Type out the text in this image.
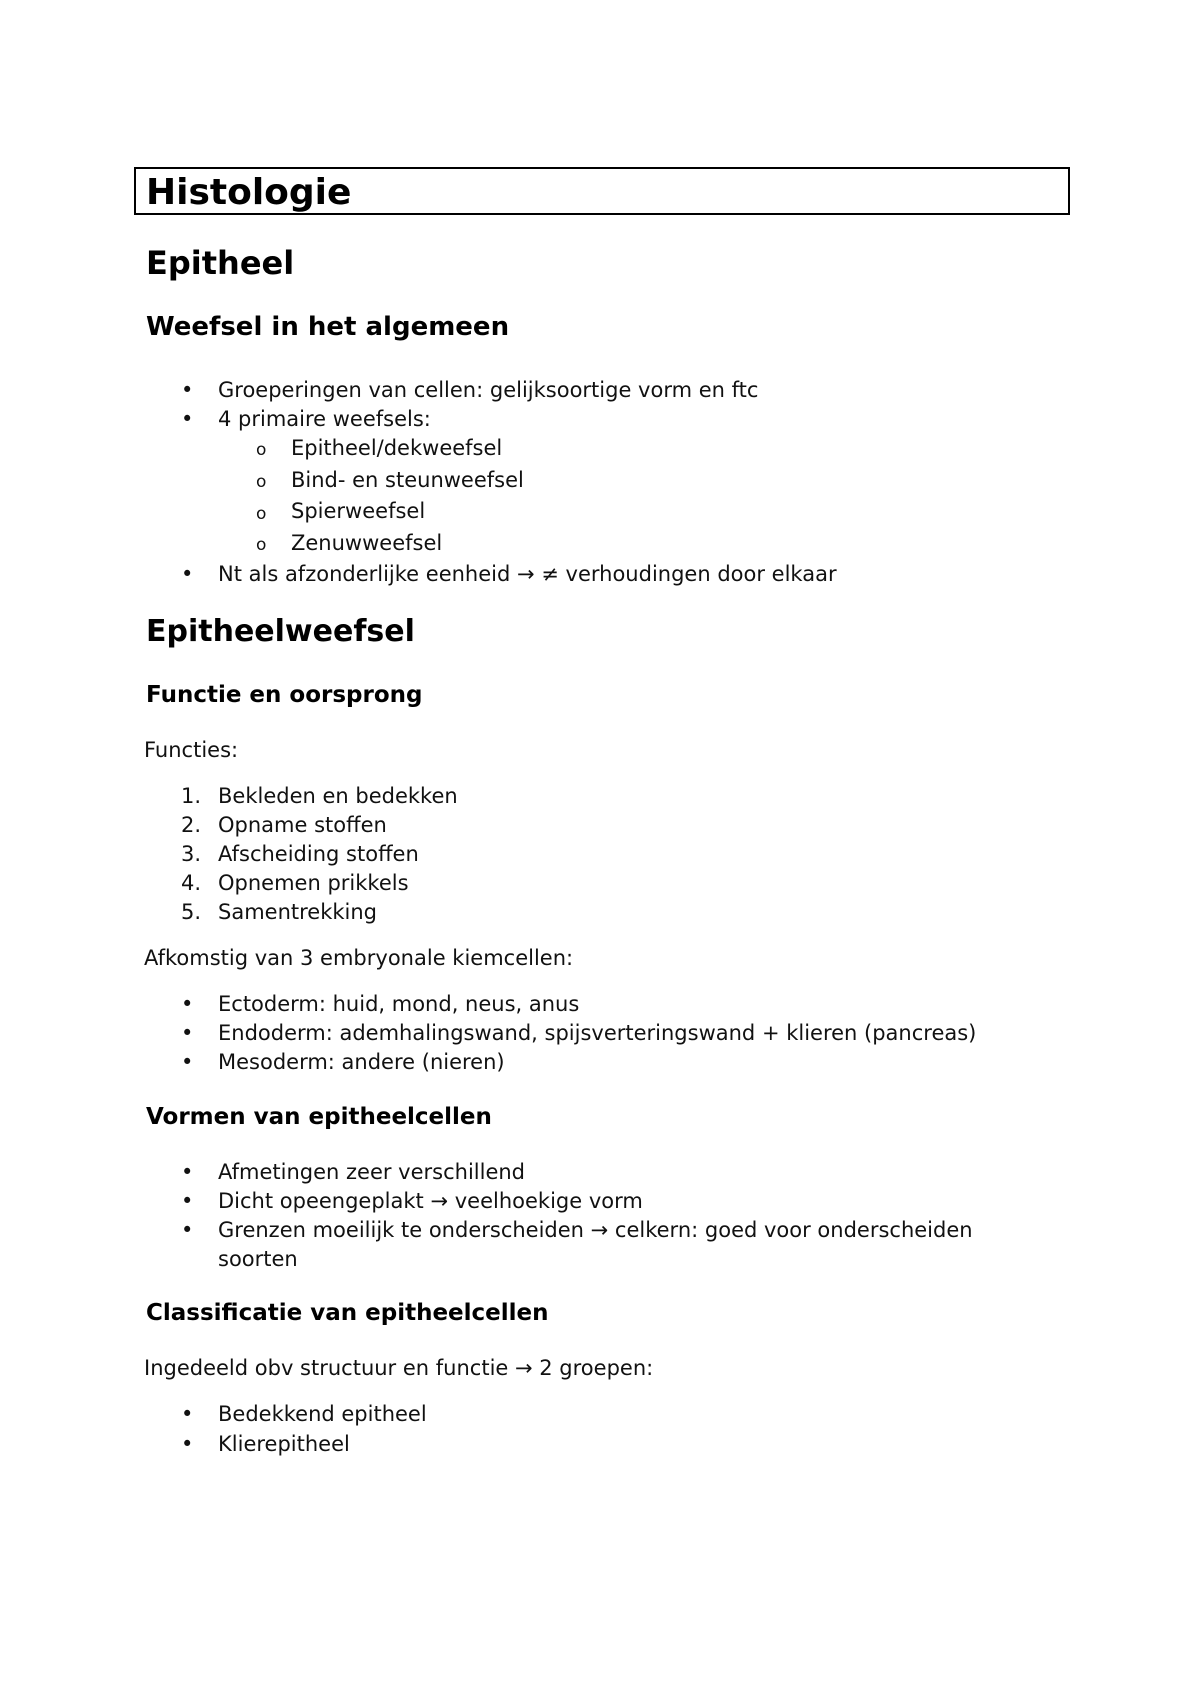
Histologie
Epitheel
Weefsel in het algemeen
• Groeperingen van cellen: gelijksoortige vorm en ftc
• 4 primaire weefsels:
o Epitheel/dekweefsel
o Bind- en steunweefsel
o Spierweefsel
o Zenuwweefsel
• Nt als afzonderlijke eenheid → ≠ verhoudingen door elkaar
Epitheelweefsel
Functie en oorsprong
Functies:
1. Bekleden en bedekken
2. Opname stoffen
3. Afscheiding stoffen
4. Opnemen prikkels
5. Samentrekking
Afkomstig van 3 embryonale kiemcellen:
• Ectoderm: huid, mond, neus, anus
• Endoderm: ademhalingswand, spijsverteringswand + klieren (pancreas)
• Mesoderm: andere (nieren)
Vormen van epitheelcellen
• Afmetingen zeer verschillend
• Dicht opeengeplakt → veelhoekige vorm
• Grenzen moeilijk te onderscheiden → celkern: goed voor onderscheiden
soorten
Classificatie van epitheelcellen
Ingedeeld obv structuur en functie → 2 groepen:
• Bedekkend epitheel
• Klierepitheel
